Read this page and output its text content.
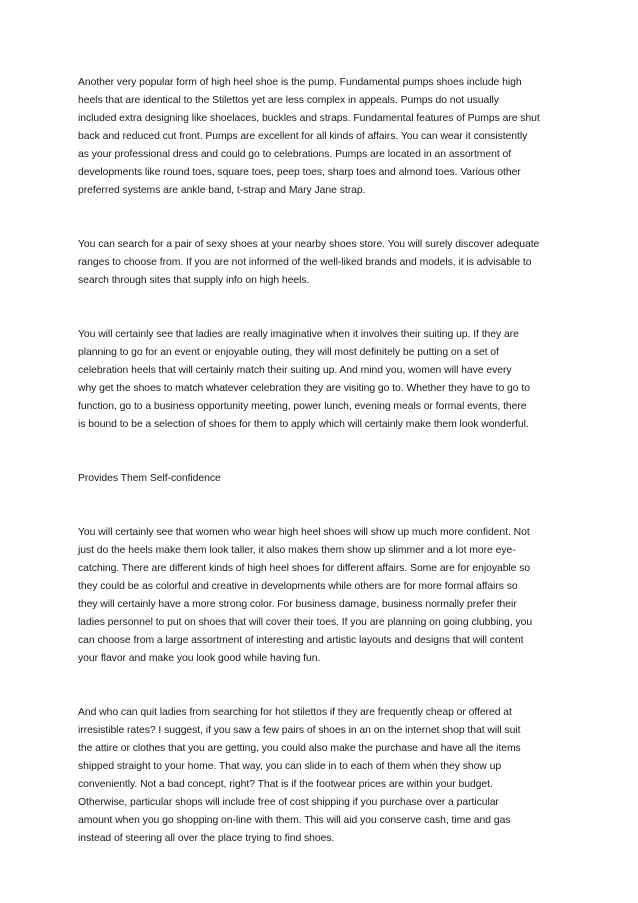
Another very popular form of high heel shoe is the pump. Fundamental pumps shoes include high
heels that are identical to the Stilettos yet are less complex in appeals. Pumps do not usually
included extra designing like shoelaces, buckles and straps. Fundamental features of Pumps are shut
back and reduced cut front. Pumps are excellent for all kinds of affairs. You can wear it consistently
as your professional dress and could go to celebrations. Pumps are located in an assortment of
developments like round toes, square toes, peep toes, sharp toes and almond toes. Various other
preferred systems are ankle band, t-strap and Mary Jane strap.

You can search for a pair of sexy shoes at your nearby shoes store. You will surely discover adequate
ranges to choose from. If you are not informed of the well-liked brands and models, it is advisable to
search through sites that supply info on high heels.

You will certainly see that ladies are really imaginative when it involves their suiting up. If they are
planning to go for an event or enjoyable outing, they will most definitely be putting on a set of
celebration heels that will certainly match their suiting up. And mind you, women will have every
why get the shoes to match whatever celebration they are visiting go to. Whether they have to go to
function, go to a business opportunity meeting, power lunch, evening meals or formal events, there
is bound to be a selection of shoes for them to apply which will certainly make them look wonderful.

Provides Them Self-confidence

You will certainly see that women who wear high heel shoes will show up much more confident. Not
just do the heels make them look taller, it also makes them show up slimmer and a lot more eye-
catching. There are different kinds of high heel shoes for different affairs. Some are for enjoyable so
they could be as colorful and creative in developments while others are for more formal affairs so
they will certainly have a more strong color. For business damage, business normally prefer their
ladies personnel to put on shoes that will cover their toes. If you are planning on going clubbing, you
can choose from a large assortment of interesting and artistic layouts and designs that will content
your flavor and make you look good while having fun.

And who can quit ladies from searching for hot stilettos if they are frequently cheap or offered at
irresistible rates? I suggest, if you saw a few pairs of shoes in an on the internet shop that will suit
the attire or clothes that you are getting, you could also make the purchase and have all the items
shipped straight to your home. That way, you can slide in to each of them when they show up
conveniently. Not a bad concept, right? That is if the footwear prices are within your budget.
Otherwise, particular shops will include free of cost shipping if you purchase over a particular
amount when you go shopping on-line with them. This will aid you conserve cash, time and gas
instead of steering all over the place trying to find shoes.
